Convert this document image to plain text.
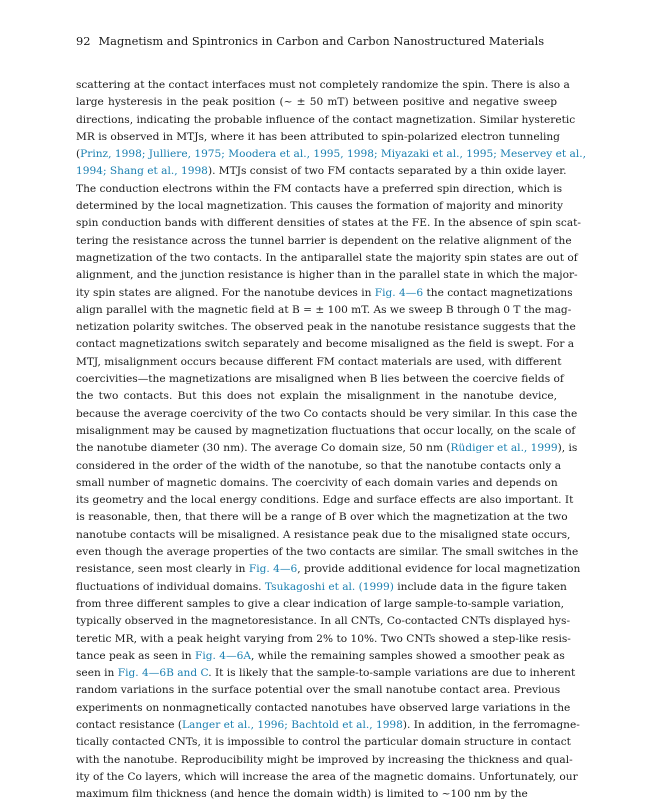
92 Magnetism and Spintronics in Carbon and Carbon Nanostructured Materials
scattering at the contact interfaces must not completely randomize the spin. There is also a
large hysteresis in the peak position (~ ± 50 mT) between positive and negative sweep
directions, indicating the probable influence of the contact magnetization. Similar hysteretic
MR is observed in MTJs, where it has been attributed to spin-polarized electron tunneling
(Prinz, 1998; Julliere, 1975; Moodera et al., 1995, 1998; Miyazaki et al., 1995; Meservey et al.,
1994; Shang et al., 1998). MTJs consist of two FM contacts separated by a thin oxide layer.
The conduction electrons within the FM contacts have a preferred spin direction, which is
determined by the local magnetization. This causes the formation of majority and minority
spin conduction bands with different densities of states at the FE. In the absence of spin scat-
tering the resistance across the tunnel barrier is dependent on the relative alignment of the
magnetization of the two contacts. In the antiparallel state the majority spin states are out of
alignment, and the junction resistance is higher than in the parallel state in which the major-
ity spin states are aligned. For the nanotube devices in Fig. 4—6 the contact magnetizations
align parallel with the magnetic field at B = ± 100 mT. As we sweep B through 0 T the mag-
netization polarity switches. The observed peak in the nanotube resistance suggests that the
contact magnetizations switch separately and become misaligned as the field is swept. For a
MTJ, misalignment occurs because different FM contact materials are used, with different
coercivities—the magnetizations are misaligned when B lies between the coercive fields of
the two contacts. But this does not explain the misalignment in the nanotube device,
because the average coercivity of the two Co contacts should be very similar. In this case the
misalignment may be caused by magnetization fluctuations that occur locally, on the scale of
the nanotube diameter (30 nm). The average Co domain size, 50 nm (Rüdiger et al., 1999), is
considered in the order of the width of the nanotube, so that the nanotube contacts only a
small number of magnetic domains. The coercivity of each domain varies and depends on
its geometry and the local energy conditions. Edge and surface effects are also important. It
is reasonable, then, that there will be a range of B over which the magnetization at the two
nanotube contacts will be misaligned. A resistance peak due to the misaligned state occurs,
even though the average properties of the two contacts are similar. The small switches in the
resistance, seen most clearly in Fig. 4—6, provide additional evidence for local magnetization
fluctuations of individual domains. Tsukagoshi et al. (1999) include data in the figure taken
from three different samples to give a clear indication of large sample-to-sample variation,
typically observed in the magnetoresistance. In all CNTs, Co-contacted CNTs displayed hys-
teretic MR, with a peak height varying from 2% to 10%. Two CNTs showed a step-like resis-
tance peak as seen in Fig. 4—6A, while the remaining samples showed a smoother peak as
seen in Fig. 4—6B and C. It is likely that the sample-to-sample variations are due to inherent
random variations in the surface potential over the small nanotube contact area. Previous
experiments on nonmagnetically contacted nanotubes have observed large variations in the
contact resistance (Langer et al., 1996; Bachtold et al., 1998). In addition, in the ferromagne-
tically contacted CNTs, it is impossible to control the particular domain structure in contact
with the nanotube. Reproducibility might be improved by increasing the thickness and qual-
ity of the Co layers, which will increase the area of the magnetic domains. Unfortunately, our
maximum film thickness (and hence the domain width) is limited to ~100 nm by the
